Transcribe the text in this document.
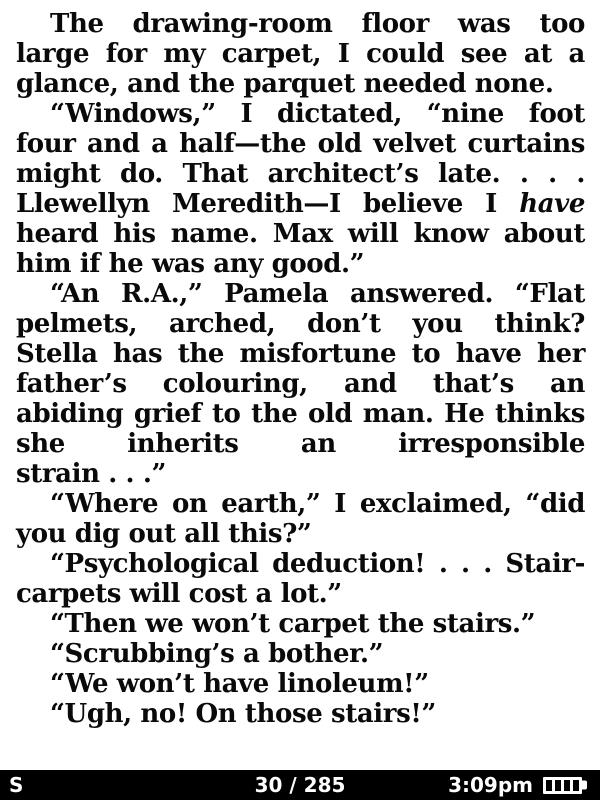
The drawing-room floor was too
large for my carpet, I could see at a
glance, and the parquet needed none.
“Windows,” I dictated, “nine foot
four and a half—the old velvet curtains
might do. That architect’s late. . . .
Llewellyn Meredith—I believe I have
heard his name. Max will know about
him if he was any good.”
“An R.A.,” Pamela answered. “Flat
pelmets, arched, don’t you think?
Stella has the misfortune to have her
father’s colouring, and that’s an
abiding grief to the old man. He thinks
she inherits an irresponsible
strain . . .”
“Where on earth,” I exclaimed, “did
you dig out all this?”
“Psychological deduction! . . . Stair-
carpets will cost a lot.”
“Then we won’t carpet the stairs.”
“Scrubbing’s a bother.”
“We won’t have linoleum!”
“Ugh, no! On those stairs!”
S	30 / 285	3:09pm
